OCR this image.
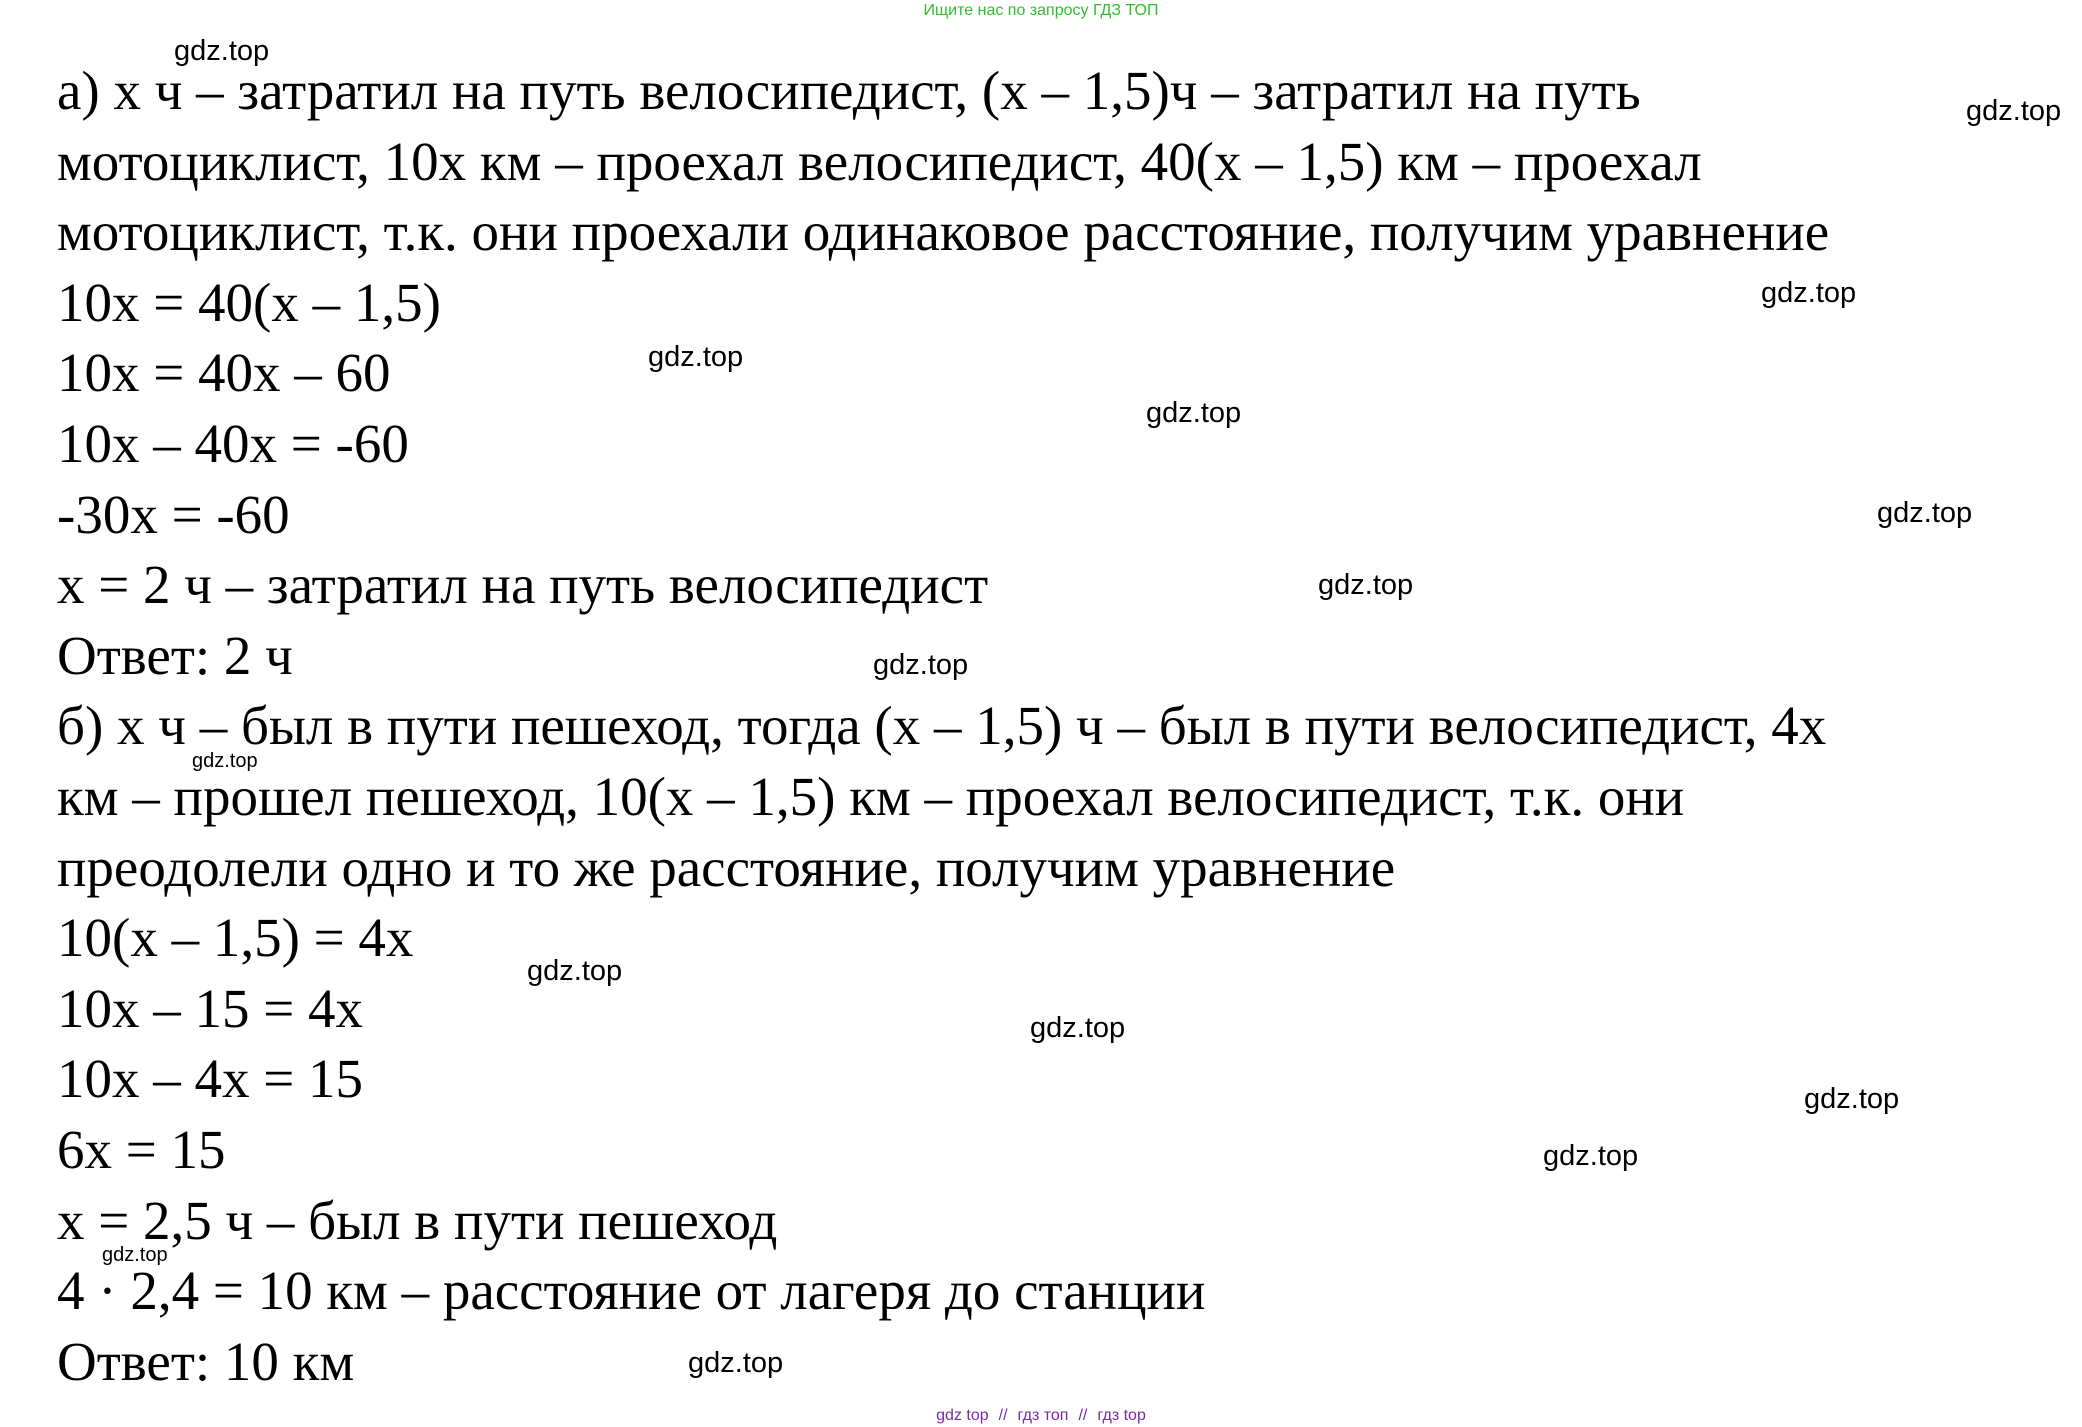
Ищите нас по запросу ГДЗ ТОП
а) x ч – затратил на путь велосипедист, (x – 1,5)ч – затратил на путь
мотоциклист, 10x км – проехал велосипедист, 40(x – 1,5) км – проехал
мотоциклист, т.к. они проехали одинаковое расстояние, получим уравнение
10x = 40(x – 1,5)
10x = 40x – 60
10x – 40x = -60
-30x = -60
x = 2 ч – затратил на путь велосипедист
Ответ: 2 ч
б) x ч – был в пути пешеход, тогда (x – 1,5) ч – был в пути велосипедист, 4x
км – прошел пешеход, 10(x – 1,5) км – проехал велосипедист, т.к. они
преодолели одно и то же расстояние, получим уравнение
10(x – 1,5) = 4x
10x – 15 = 4x
10x – 4x = 15
6x = 15
x = 2,5 ч – был в пути пешеход
4 · 2,4 = 10 км – расстояние от лагеря до станции
Ответ: 10 км
gdz.top
gdz.top
gdz.top
gdz.top
gdz.top
gdz.top
gdz.top
gdz.top
gdz.top
gdz.top
gdz.top
gdz.top
gdz.top
gdz.top
gdz.top
gdz top // гдз топ // гдз top
